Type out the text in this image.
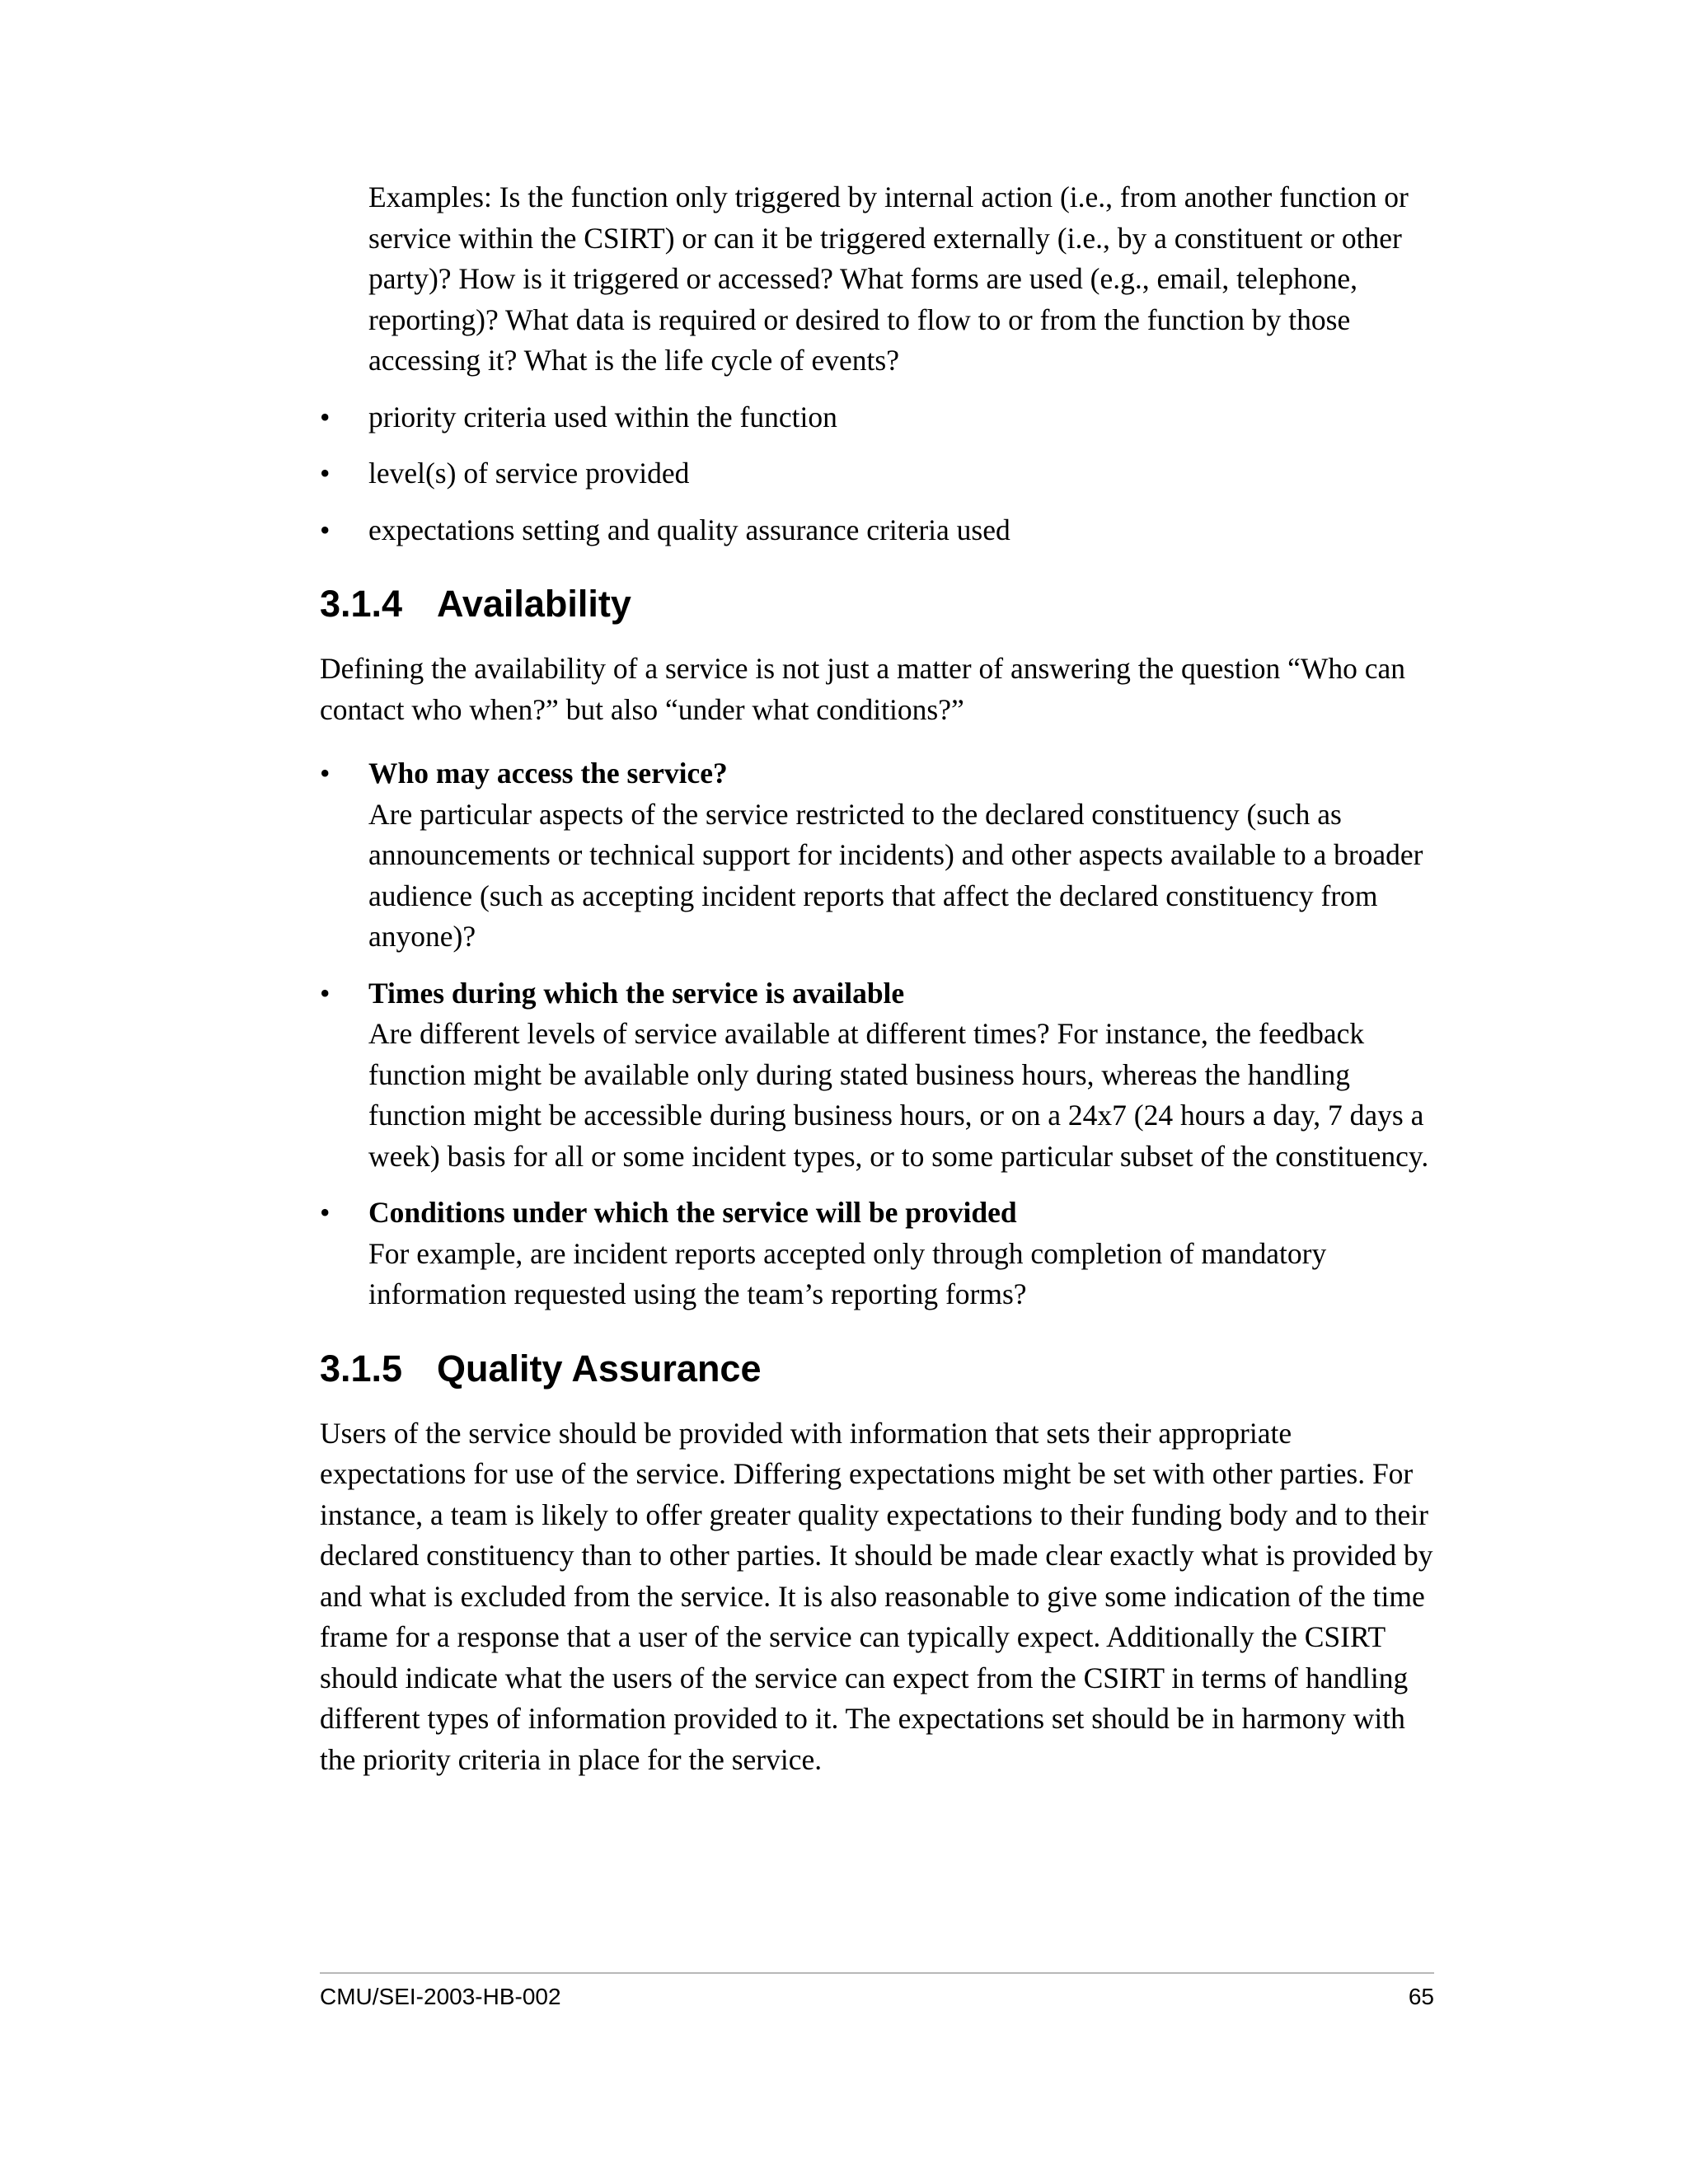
Examples: Is the function only triggered by internal action (i.e., from another function or service within the CSIRT) or can it be triggered externally (i.e., by a constituent or other party)? How is it triggered or accessed? What forms are used (e.g., email, telephone, reporting)? What data is required or desired to flow to or from the function by those accessing it? What is the life cycle of events?

•	priority criteria used within the function
•	level(s) of service provided
•	expectations setting and quality assurance criteria used
3.1.4 Availability

Defining the availability of a service is not just a matter of answering the question “Who can contact who when?” but also “under what conditions?”

•	Who may access the service?
Are particular aspects of the service restricted to the declared constituency (such as announcements or technical support for incidents) and other aspects available to a broader audience (such as accepting incident reports that affect the declared constituency from anyone)?
•	Times during which the service is available
Are different levels of service available at different times? For instance, the feedback function might be available only during stated business hours, whereas the handling function might be accessible during business hours, or on a 24x7 (24 hours a day, 7 days a week) basis for all or some incident types, or to some particular subset of the constituency.
•	Conditions under which the service will be provided
For example, are incident reports accepted only through completion of mandatory information requested using the team’s reporting forms?
3.1.5 Quality Assurance

Users of the service should be provided with information that sets their appropriate expectations for use of the service. Differing expectations might be set with other parties. For instance, a team is likely to offer greater quality expectations to their funding body and to their declared constituency than to other parties. It should be made clear exactly what is provided by and what is excluded from the service. It is also reasonable to give some indication of the time frame for a response that a user of the service can typically expect. Additionally the CSIRT should indicate what the users of the service can expect from the CSIRT in terms of handling different types of information provided to it. The expectations set should be in harmony with the priority criteria in place for the service.

CMU/SEI-2003-HB-002	65
